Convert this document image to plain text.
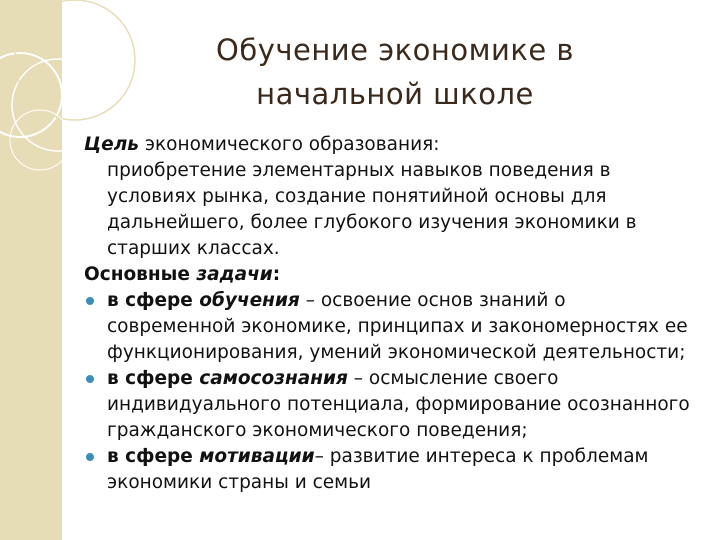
Обучение экономике в
начальной школе

Цель экономического образования:

приобретение элементарных навыков поведения в условиях рынка, создание понятийной основы для дальнейшего, более глубокого изучения экономики в старших классах.

Основные задачи:

в сфере обучения – освоение основ знаний о современной экономике, принципах и закономерностях ее функционирования, умений экономической деятельности;

в сфере самосознания – осмысление своего индивидуального потенциала, формирование осознанного гражданского экономического поведения;

в сфере мотивации– развитие интереса к проблемам экономики страны и семьи
